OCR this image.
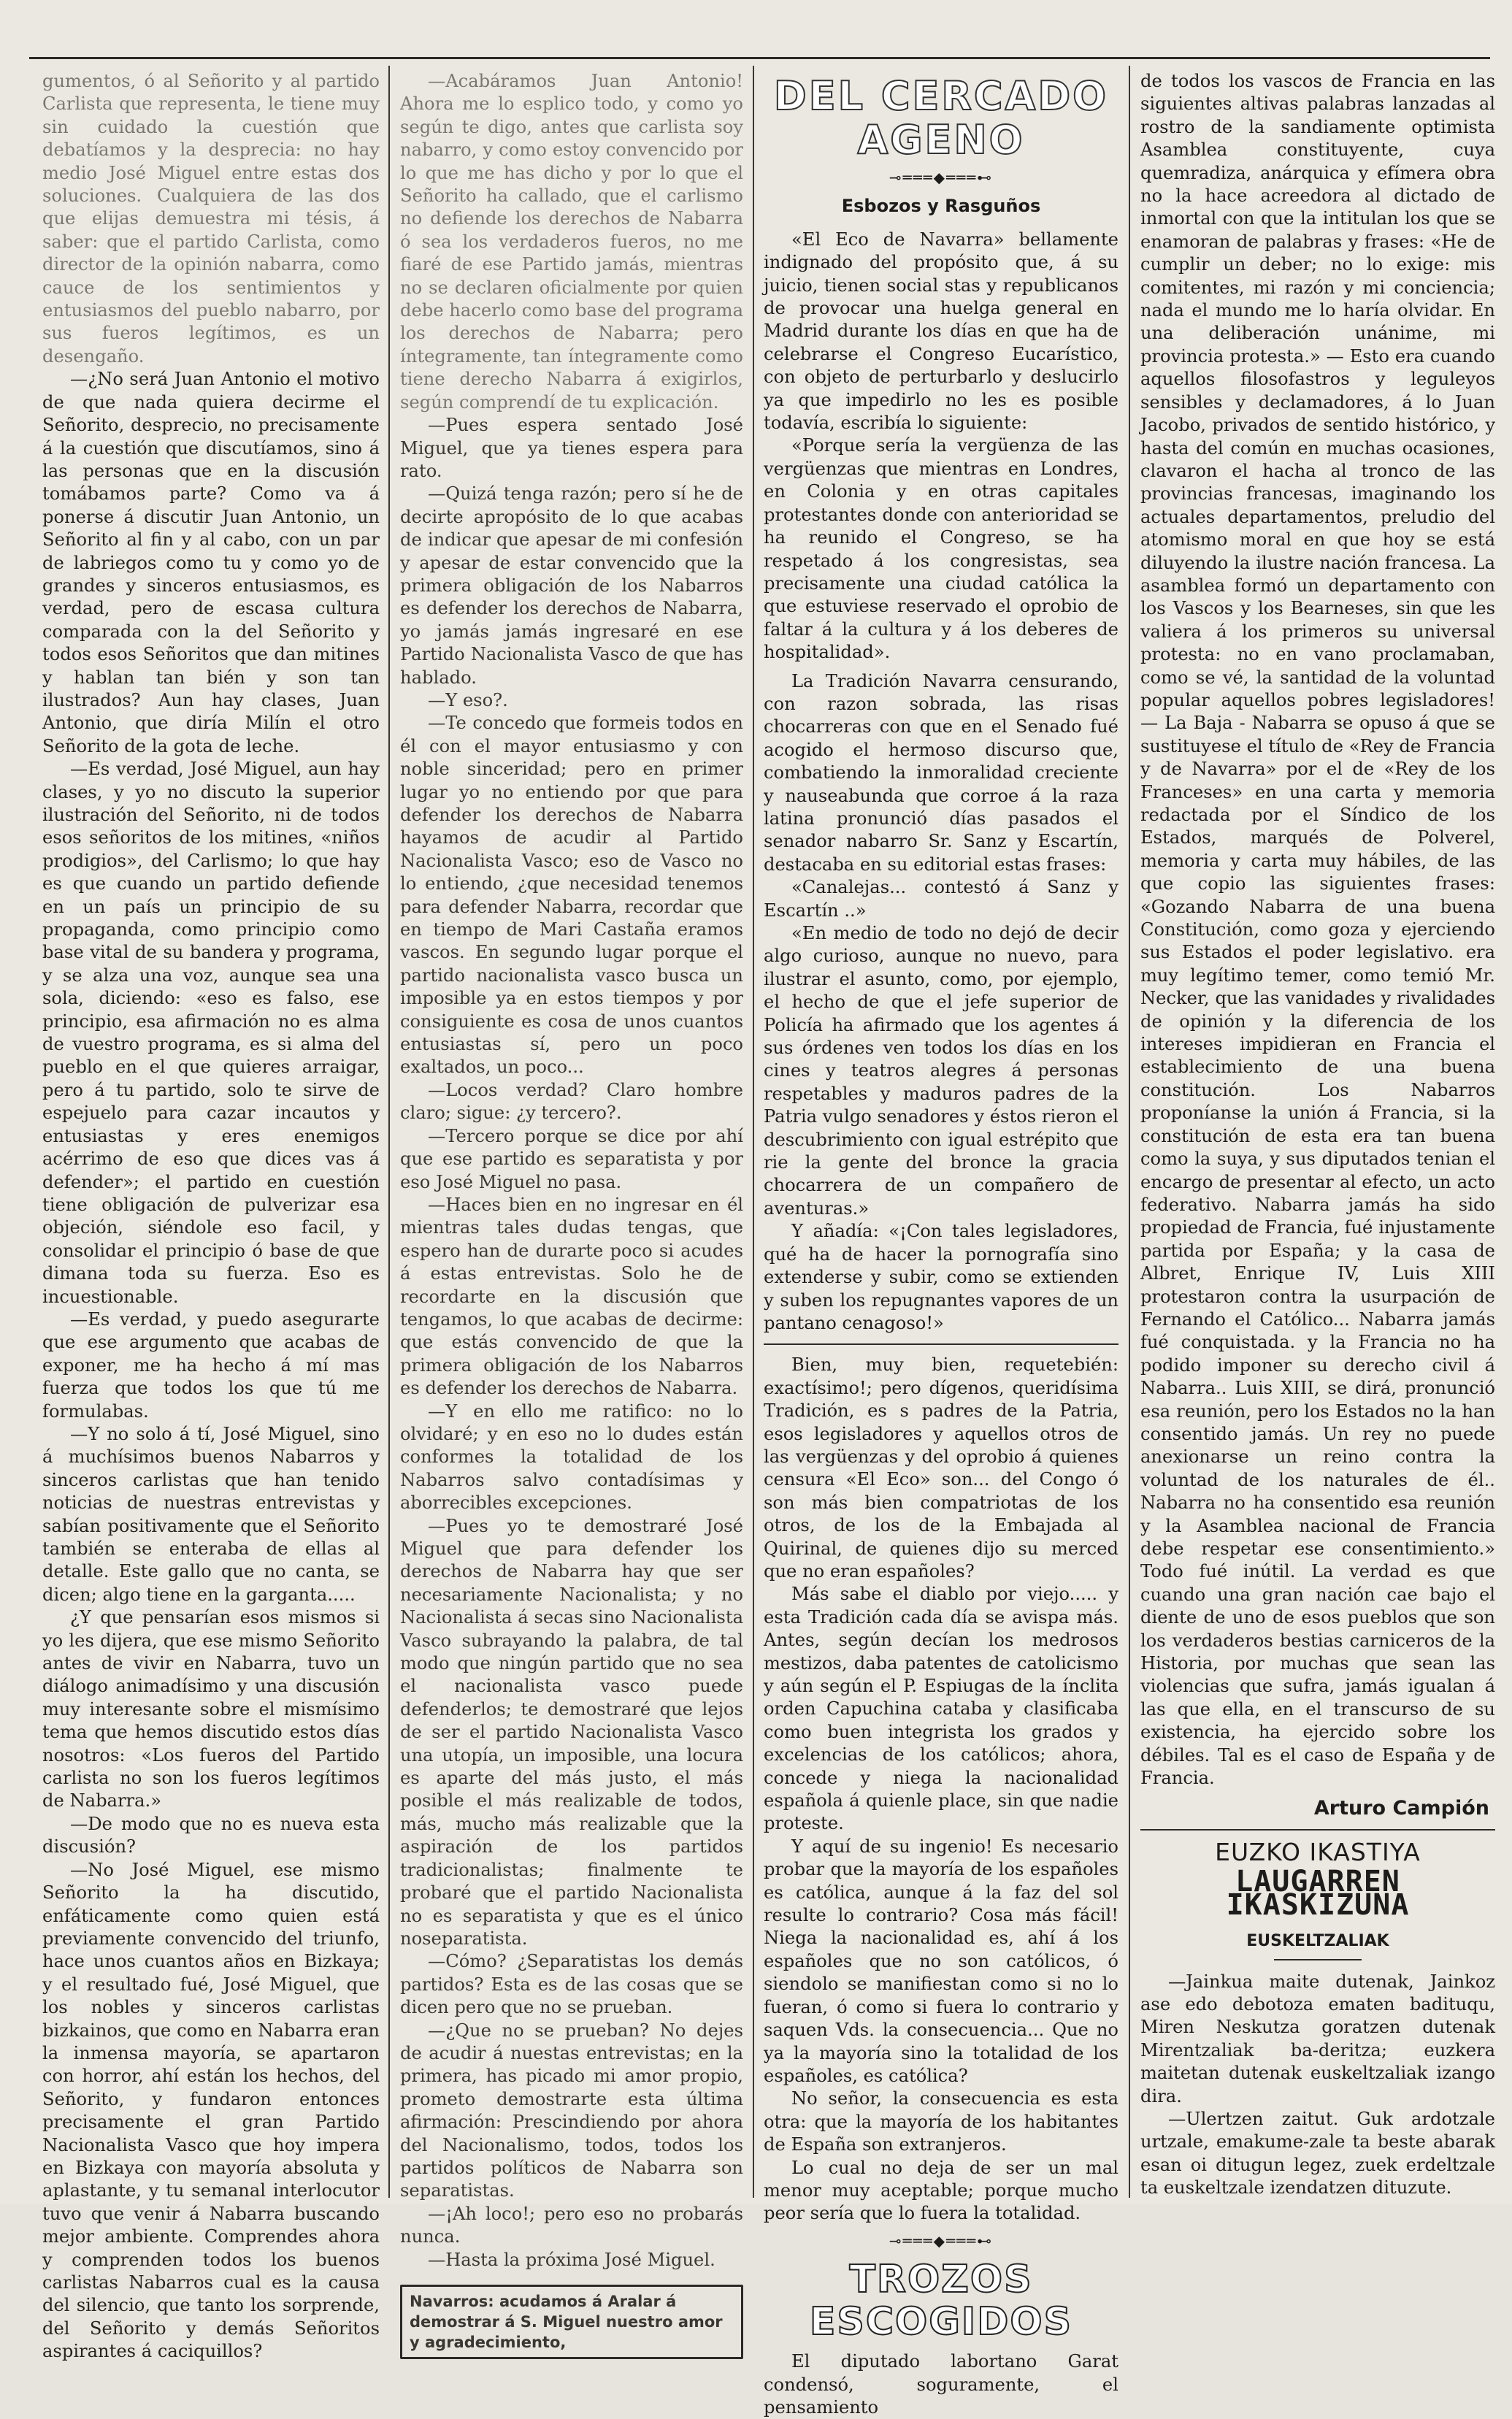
gumentos, ó al Señorito y al partido Carlista que representa, le tiene muy sin cuidado la cuestión que debatíamos y la desprecia: no hay medio José Miguel entre estas dos soluciones. Cualquiera de las dos que elijas demuestra mi tésis, á saber: que el partido Carlista, como director de la opinión nabarra, como cauce de los sentimientos y entusiasmos del pueblo nabarro, por sus fueros legítimos, es un desengaño.

—¿No será Juan Antonio el motivo de que nada quiera decirme el Señorito, desprecio, no precisamente á la cuestión que discutíamos, sino á las personas que en la discusión tomábamos parte? Como va á ponerse á discutir Juan Antonio, un Señorito al fin y al cabo, con un par de labriegos como tu y como yo de grandes y sinceros entusiasmos, es verdad, pero de escasa cultura comparada con la del Señorito y todos esos Señoritos que dan mitines y hablan tan bién y son tan ilustrados? Aun hay clases, Juan Antonio, que diría Milín el otro Señorito de la gota de leche.

—Es verdad, José Miguel, aun hay clases, y yo no discuto la superior ilustración del Señorito, ni de todos esos señoritos de los mitines, «niños prodigios», del Carlismo; lo que hay es que cuando un partido defiende en un país un principio de su propaganda, como principio como base vital de su bandera y programa, y se alza una voz, aunque sea una sola, diciendo: «eso es falso, ese principio, esa afirmación no es alma de vuestro programa, es si alma del pueblo en el que quieres arraigar, pero á tu partido, solo te sirve de espejuelo para cazar incautos y entusiastas y eres enemigos acérrimo de eso que dices vas á defender»; el partido en cuestión tiene obligación de pulverizar esa objeción, siéndole eso facil, y consolidar el principio ó base de que dimana toda su fuerza. Eso es incuestionable.

—Es verdad, y puedo asegurarte que ese argumento que acabas de exponer, me ha hecho á mí mas fuerza que todos los que tú me formulabas.

—Y no solo á tí, José Miguel, sino á muchísimos buenos Nabarros y sinceros carlistas que han tenido noticias de nuestras entrevistas y sabían positivamente que el Señorito también se enteraba de ellas al detalle. Este gallo que no canta, se dicen; algo tiene en la garganta.....

¿Y que pensarían esos mismos si yo les dijera, que ese mismo Señorito antes de vivir en Nabarra, tuvo un diálogo animadísimo y una discusión muy interesante sobre el mismísimo tema que hemos discutido estos días nosotros: «Los fueros del Partido carlista no son los fueros legítimos de Nabarra.»

—De modo que no es nueva esta discusión?

—No José Miguel, ese mismo Señorito la ha discutido, enfáticamente como quien está previamente convencido del triunfo, hace unos cuantos años en Bizkaya; y el resultado fué, José Miguel, que los nobles y sinceros carlistas bizkainos, que como en Nabarra eran la inmensa mayoría, se apartaron con horror, ahí están los hechos, del Señorito, y fundaron entonces precisamente el gran Partido Nacionalista Vasco que hoy impera en Bizkaya con mayoría absoluta y aplastante, y tu semanal interlocutor tuvo que venir á Nabarra buscando mejor ambiente. Comprendes ahora y comprenden todos los buenos carlistas Nabarros cual es la causa del silencio, que tanto los sorprende, del Señorito y demás Señoritos aspirantes á caciquillos?

—Acabáramos Juan Antonio! Ahora me lo esplico todo, y como yo según te digo, antes que carlista soy nabarro, y como estoy convencido por lo que me has dicho y por lo que el Señorito ha callado, que el carlismo no defiende los derechos de Nabarra ó sea los verdaderos fueros, no me fiaré de ese Partido jamás, mientras no se declaren oficialmente por quien debe hacerlo como base del programa los derechos de Nabarra; pero íntegramente, tan íntegramente como tiene derecho Nabarra á exigirlos, según comprendí de tu explicación.

—Pues espera sentado José Miguel, que ya tienes espera para rato.

—Quizá tenga razón; pero sí he de decirte apropósito de lo que acabas de indicar que apesar de mi confesión y apesar de estar convencido que la primera obligación de los Nabarros es defender los derechos de Nabarra, yo jamás jamás ingresaré en ese Partido Nacionalista Vasco de que has hablado.

—Y eso?.

—Te concedo que formeis todos en él con el mayor entusiasmo y con noble sinceridad; pero en primer lugar yo no entiendo por que para defender los derechos de Nabarra hayamos de acudir al Partido Nacionalista Vasco; eso de Vasco no lo entiendo, ¿que necesidad tenemos para defender Nabarra, recordar que en tiempo de Mari Castaña eramos vascos. En segundo lugar porque el partido nacionalista vasco busca un imposible ya en estos tiempos y por consiguiente es cosa de unos cuantos entusiastas sí, pero un poco exaltados, un poco...

—Locos verdad? Claro hombre claro; sigue: ¿y tercero?.

—Tercero porque se dice por ahí que ese partido es separatista y por eso José Miguel no pasa.

—Haces bien en no ingresar en él mientras tales dudas tengas, que espero han de durarte poco si acudes á estas entrevistas. Solo he de recordarte en la discusión que tengamos, lo que acabas de decirme: que estás convencido de que la primera obligación de los Nabarros es defender los derechos de Nabarra.

—Y en ello me ratifico: no lo olvidaré; y en eso no lo dudes están conformes la totalidad de los Nabarros salvo contadísimas y aborrecibles excepciones.

—Pues yo te demostraré José Miguel que para defender los derechos de Nabarra hay que ser necesariamente Nacionalista; y no Nacionalista á secas sino Nacionalista Vasco subrayando la palabra, de tal modo que ningún partido que no sea el nacionalista vasco puede defenderlos; te demostraré que lejos de ser el partido Nacionalista Vasco una utopía, un imposible, una locura es aparte del más justo, el más posible el más realizable de todos, más, mucho más realizable que la aspiración de los partidos tradicionalistas; finalmente te probaré que el partido Nacionalista no es separatista y que es el único noseparatista.

—Cómo? ¿Separatistas los demás partidos? Esta es de las cosas que se dicen pero que no se prueban.

—¿Que no se prueban? No dejes de acudir á nuestas entrevistas; en la primera, has picado mi amor propio, prometo demostrarte esta última afirmación: Prescindiendo por ahora del Nacionalismo, todos, todos los partidos políticos de Nabarra son separatistas.

—¡Ah loco!; pero eso no probarás nunca.

—Hasta la próxima José Miguel.

Navarros: acudamos á Aralar á demostrar á S. Miguel nuestro amor y agradecimiento,
DEL CERCADO AGENO
⊸═══◆═══⊷
Esbozos y Rasguños

«El Eco de Navarra» bellamente indignado del propósito que, á su juicio, tienen social stas y republicanos de provocar una huelga general en Madrid durante los días en que ha de celebrarse el Congreso Eucarístico, con objeto de perturbarlo y deslucirlo ya que impedirlo no les es posible todavía, escribía lo siguiente:

«Porque sería la vergüenza de las vergüenzas que mientras en Londres, en Colonia y en otras capitales protestantes donde con anterioridad se ha reunido el Congreso, se ha respetado á los congresistas, sea precisamente una ciudad católica la que estuviese reservado el oprobio de faltar á la cultura y á los deberes de hospitalidad».

La Tradición Navarra censurando, con razon sobrada, las risas chocarreras con que en el Senado fué acogido el hermoso discurso que, combatiendo la inmoralidad creciente y nauseabunda que corroe á la raza latina pronunció días pasados el senador nabarro Sr. Sanz y Escartín, destacaba en su editorial estas frases:

«Canalejas... contestó á Sanz y Escartín ..»

«En medio de todo no dejó de decir algo curioso, aunque no nuevo, para ilustrar el asunto, como, por ejemplo, el hecho de que el jefe superior de Policía ha afirmado que los agentes á sus órdenes ven todos los días en los cines y teatros alegres á personas respetables y maduros padres de la Patria vulgo senadores y éstos rieron el descubrimiento con igual estrépito que rie la gente del bronce la gracia chocarrera de un compañero de aventuras.»

Y añadía: «¡Con tales legisladores, qué ha de hacer la pornografía sino extenderse y subir, como se extienden y suben los repugnantes vapores de un pantano cenagoso!»

Bien, muy bien, requetebién: exactísimo!; pero dígenos, queridísima Tradición, es s padres de la Patria, esos legisladores y aquellos otros de las vergüenzas y del oprobio á quienes censura «El Eco» son... del Congo ó son más bien compatriotas de los otros, de los de la Embajada al Quirinal, de quienes dijo su merced que no eran españoles?

Más sabe el diablo por viejo..... y esta Tradición cada día se avispa más. Antes, según decían los medrosos mestizos, daba patentes de catolicismo y aún según el P. Espiugas de la ínclita orden Capuchina cataba y clasificaba como buen integrista los grados y excelencias de los católicos; ahora, concede y niega la nacionalidad española á quienle place, sin que nadie proteste.

Y aquí de su ingenio! Es necesario probar que la mayoría de los españoles es católica, aunque á la faz del sol resulte lo contrario? Cosa más fácil! Niega la nacionalidad es, ahí á los españoles que no son católicos, ó siendolo se manifiestan como si no lo fueran, ó como si fuera lo contrario y saquen Vds. la consecuencia... Que no ya la mayoría sino la totalidad de los españoles, es católica?

No señor, la consecuencia es esta otra: que la mayoría de los habitantes de España son extranjeros.

Lo cual no deja de ser un mal menor muy aceptable; porque mucho peor sería que lo fuera la totalidad.

⊸═══◆═══⊷
TROZOS ESCOGIDOS

El diputado labortano Garat condensó, soguramente, el pensamiento

de todos los vascos de Francia en las siguientes altivas palabras lanzadas al rostro de la sandiamente optimista Asamblea constituyente, cuya quemradiza, anárquica y efímera obra no la hace acreedora al dictado de inmortal con que la intitulan los que se enamoran de palabras y frases: «He de cumplir un deber; no lo exige: mis comitentes, mi razón y mi conciencia; nada el mundo me lo haría olvidar. En una deliberación unánime, mi provincia protesta.» — Esto era cuando aquellos filosofastros y leguleyos sensibles y declamadores, á lo Juan Jacobo, privados de sentido histórico, y hasta del común en muchas ocasiones, clavaron el hacha al tronco de las provincias francesas, imaginando los actuales departamentos, preludio del atomismo moral en que hoy se está diluyendo la ilustre nación francesa. La asamblea formó un departamento con los Vascos y los Bearneses, sin que les valiera á los primeros su universal protesta: no en vano proclamaban, como se vé, la santidad de la voluntad popular aquellos pobres legisladores! — La Baja - Nabarra se opuso á que se sustituyese el título de «Rey de Francia y de Navarra» por el de «Rey de los Franceses» en una carta y memoria redactada por el Síndico de los Estados, marqués de Polverel, memoria y carta muy hábiles, de las que copio las siguientes frases: «Gozando Nabarra de una buena Constitución, como goza y ejerciendo sus Estados el poder legislativo. era muy legítimo temer, como temió Mr. Necker, que las vanidades y rivalidades de opinión y la diferencia de los intereses impidieran en Francia el establecimiento de una buena constitución. Los Nabarros proponíanse la unión á Francia, si la constitución de esta era tan buena como la suya, y sus diputados tenian el encargo de presentar al efecto, un acto federativo. Nabarra jamás ha sido propiedad de Francia, fué injustamente partida por España; y la casa de Albret, Enrique IV, Luis XIII protestaron contra la usurpación de Fernando el Católico... Nabarra jamás fué conquistada. y la Francia no ha podido imponer su derecho civil á Nabarra.. Luis XIII, se dirá, pronunció esa reunión, pero los Estados no la han consentido jamás. Un rey no puede anexionarse un reino contra la voluntad de los naturales de él.. Nabarra no ha consentido esa reunión y la Asamblea nacional de Francia debe respetar ese consentimiento.» Todo fué inútil. La verdad es que cuando una gran nación cae bajo el diente de uno de esos pueblos que son los verdaderos bestias carniceros de la Historia, por muchas que sean las violencias que sufra, jamás igualan á las que ella, en el transcurso de su existencia, ha ejercido sobre los débiles. Tal es el caso de España y de Francia.

Arturo Campión
EUZKO IKASTIYA
LAUGARREN IKASKIZUNA
EUSKELTZALIAK

—Jainkua maite dutenak, Jainkoz ase edo debotoza ematen badituqu, Miren Neskutza goratzen dutenak Mirentzaliak ba-deritza; euzkera maitetan dutenak euskeltzaliak izango dira.

—Ulertzen zaitut. Guk ardotzale urtzale, emakume-zale ta beste abarak esan oi ditugun legez, zuek erdeltzale ta euskeltzale izendatzen dituzute.
